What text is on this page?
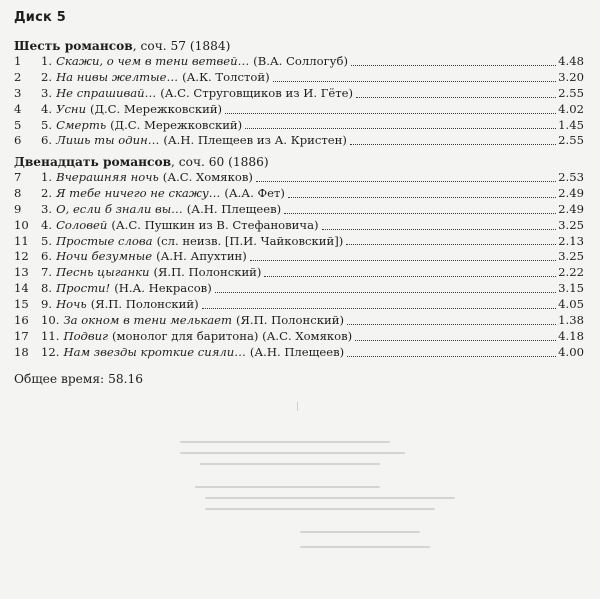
Диск 5
Шесть романсов, соч. 57 (1884)
1	1. Скажи, о чем в тени ветвей… (В.А. Соллогуб)	4.48
2	2. На нивы желтые… (А.К. Толстой)	3.20
3	3. Не спрашивай… (А.С. Струговщиков из И. Гёте)	2.55
4	4. Усни (Д.С. Мережковский)	4.02
5	5. Смерть (Д.С. Мережковский)	1.45
6	6. Лишь ты один… (А.Н. Плещеев из А. Кристен)	2.55
Двенадцать романсов, соч. 60 (1886)
7	1. Вчерашняя ночь (А.С. Хомяков)	2.53
8	2. Я тебе ничего не скажу… (А.А. Фет)	2.49
9	3. О, если б знали вы… (А.Н. Плещеев)	2.49
10	4. Соловей (А.С. Пушкин из В. Стефановича)	3.25
11	5. Простые слова (сл. неизв. [П.И. Чайковский])	2.13
12	6. Ночи безумные (А.Н. Апухтин)	3.25
13	7. Песнь цыганки (Я.П. Полонский)	2.22
14	8. Прости! (Н.А. Некрасов)	3.15
15	9. Ночь (Я.П. Полонский)	4.05
16	10. За окном в тени мелькает (Я.П. Полонский)	1.38
17	11. Подвиг (монолог для баритона) (А.С. Хомяков)	4.18
18	12. Нам звезды кроткие сияли… (А.Н. Плещеев)	4.00
Общее время: 58.16
